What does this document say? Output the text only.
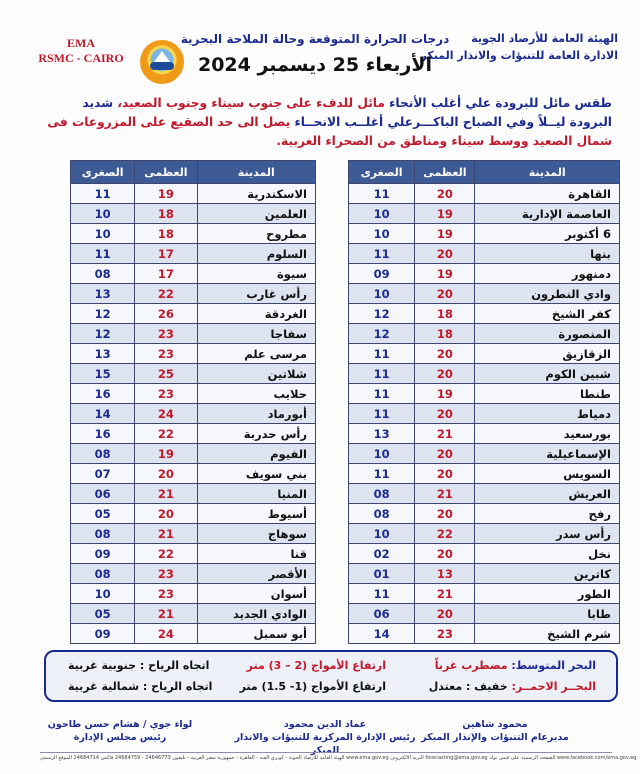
الهيئة العامة للأرصاد الجوية
الادارة العامة للتنبؤات والانذار المبكر
EMA
RSMC - CAIRO
درجات الحرارة المتوقعة وحالة الملاحة البحرية
الأربعاء 25 ديسمبر 2024
طقس مائل للبرودة علي أغلب الأنحاء مائل للدفء على جنوب سيناء وجنوب الصعيد، شديد البرودة ليــلاً وفي الصباح الباكـــرعلي أغلــب الانحــاء يصل الى حد الصقيع على المزروعات فى شمال الصعيد ووسط سيناء ومناطق من الصحراء الغربية.
المدينة	العظمى	الصغرى
القاهرة	20	11
العاصمة الإدارية	19	10
6 أكتوبر	19	10
بنها	20	11
دمنهور	19	09
وادي النطرون	20	10
كفر الشيخ	18	12
المنصورة	18	12
الزقازيق	20	11
شبين الكوم	20	11
طنطا	19	11
دمياط	20	11
بورسعيد	21	13
الإسماعيلية	20	10
السويس	20	11
العريش	21	08
رفح	20	08
رأس سدر	22	10
نخل	20	02
كاترين	13	01
الطور	21	11
طابا	20	06
شرم الشيخ	23	14
المدينة	العظمى	الصغرى
الاسكندرية	19	11
العلمين	18	10
مطروح	18	10
السلوم	17	11
سيوة	17	08
رأس غارب	22	13
الغردقة	26	12
سفاجا	23	12
مرسى علم	23	13
شلاتين	25	15
حلايب	23	16
أبورماد	24	14
رأس حدربة	22	16
الفيوم	19	08
بني سويف	20	07
المنيا	21	06
أسيوط	20	05
سوهاج	21	08
قنا	22	09
الأقصر	23	08
أسوان	23	10
الوادي الجديد	21	05
أبو سمبل	24	09
البحر المتوسط: مضطرب غرباً
ارتفاع الأمواج (2 – 3) متر
اتجاه الرياح : جنوبية غربية
البحــر الاحمــر: خفيف : معتدل
ارتفاع الأمواج (1- 1.5) متر
اتجاه الرياح : شمالية غربية
محمود شاهين
مديرعام التنبؤات والإنذار المبكر
عماد الدين محمود
رئيس الإدارة المركزية للتنبؤات والانذار المبكر
لواء جوي / هشام حسن طاحون
رئيس مجلس الإدارة
الهيئة العامة للأرصاد الجوية - كوبري القبة - القاهرة - جمهورية مصر العربية - تليفون 24646773 - 24684759 فاكس 24684714 الموقع الرسمي www.ema.gov.eg البريد الالكتروني forecasting@ema.gov.eg الصفحة الرسمية على فيس بوك www.facebook.com/ema.gov.eg
